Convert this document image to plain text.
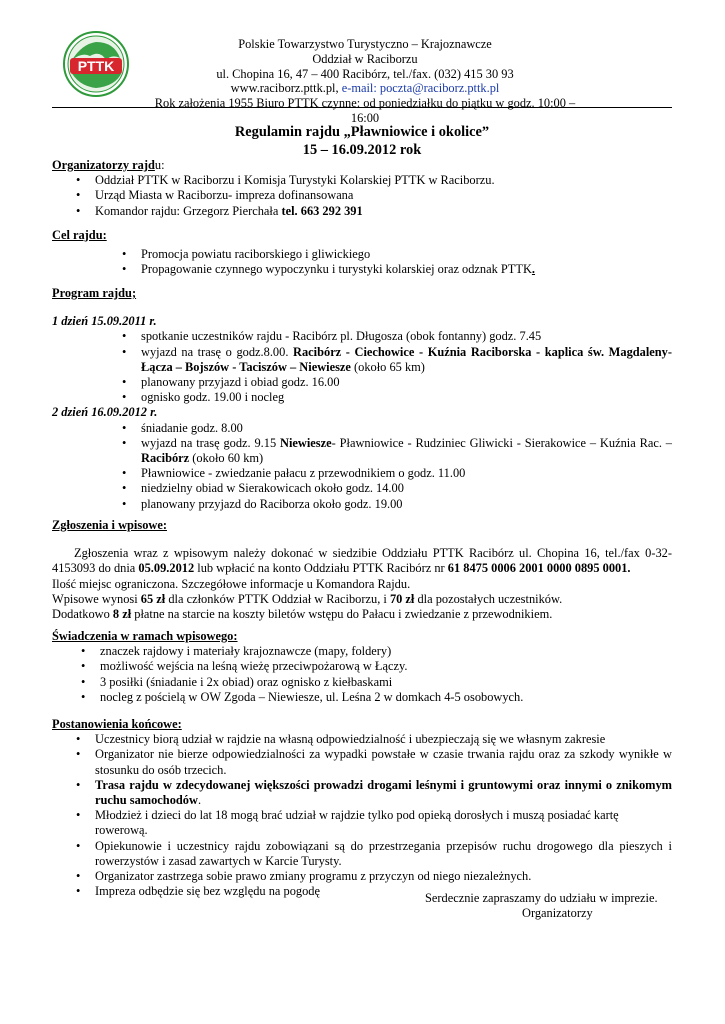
PTTK
Polskie Towarzystwo Turystyczno – Krajoznawcze
Oddział w Raciborzu
ul. Chopina 16, 47 – 400 Racibórz, tel./fax. (032) 415 30 93
www.raciborz.pttk.pl, e-mail: poczta@raciborz.pttk.pl
Rok założenia 1955 Biuro PTTK czynne: od poniedziałku do piątku w godz. 10:00 – 16:00
Regulamin rajdu „Pławniowice i okolice”
15 – 16.09.2012 rok
Organizatorzy rajdu:
• Oddział PTTK w Raciborzu i Komisja Turystyki Kolarskiej PTTK w Raciborzu.
• Urząd Miasta w Raciborzu- impreza dofinansowana
• Komandor rajdu: Grzegorz Pierchała tel. 663 292 391
Cel rajdu:
• Promocja powiatu raciborskiego i gliwickiego
• Propagowanie czynnego wypoczynku i turystyki kolarskiej oraz odznak PTTK.
Program rajdu;
1 dzień 15.09.2011 r.
• spotkanie uczestników rajdu - Racibórz pl. Długosza (obok fontanny) godz. 7.45
• wyjazd na trasę o godz.8.00. Racibórz - Ciechowice - Kuźnia Raciborska - kaplica św. Magdaleny-Łącza – Bojszów - Taciszów – Niewiesze (około 65 km)
• planowany przyjazd i obiad godz. 16.00
• ognisko godz. 19.00 i nocleg
2 dzień 16.09.2012 r.
• śniadanie godz. 8.00
• wyjazd na trasę godz. 9.15 Niewiesze- Pławniowice - Rudziniec Gliwicki - Sierakowice – Kuźnia Rac. – Racibórz (około 60 km)
• Pławniowice - zwiedzanie pałacu z przewodnikiem o godz. 11.00
• niedzielny obiad w Sierakowicach około godz. 14.00
• planowany przyjazd do Raciborza około godz. 19.00
Zgłoszenia i wpisowe:

Zgłoszenia wraz z wpisowym należy dokonać w siedzibie Oddziału PTTK Racibórz ul. Chopina 16, tel./fax 0-32-4153093 do dnia 05.09.2012 lub wpłacić na konto Oddziału PTTK Racibórz nr 61 8475 0006 2001 0000 0895 0001.

Ilość miejsc ograniczona. Szczegółowe informacje u Komandora Rajdu.

Wpisowe wynosi 65 zł dla członków PTTK Oddział w Raciborzu, i 70 zł dla pozostałych uczestników.

Dodatkowo 8 zł płatne na starcie na koszty biletów wstępu do Pałacu i zwiedzanie z przewodnikiem.

Świadczenia w ramach wpisowego:
• znaczek rajdowy i materiały krajoznawcze (mapy, foldery)
• możliwość wejścia na leśną wieżę przeciwpożarową w Łączy.
• 3 posiłki (śniadanie i 2x obiad) oraz ognisko z kiełbaskami
• nocleg z pościelą w OW Zgoda – Niewiesze, ul. Leśna 2 w domkach 4-5 osobowych.
Postanowienia końcowe:
• Uczestnicy biorą udział w rajdzie na własną odpowiedzialność i ubezpieczają się we własnym zakresie
• Organizator nie bierze odpowiedzialności za wypadki powstałe w czasie trwania rajdu oraz za szkody wynikłe w stosunku do osób trzecich.
• Trasa rajdu w zdecydowanej większości prowadzi drogami leśnymi i gruntowymi oraz innymi o znikomym ruchu samochodów.
• Młodzież i dzieci do lat 18 mogą brać udział w rajdzie tylko pod opieką dorosłych i muszą posiadać kartę rowerową.
• Opiekunowie i uczestnicy rajdu zobowiązani są do przestrzegania przepisów ruchu drogowego dla pieszych i rowerzystów i zasad zawartych w Karcie Turysty.
• Organizator zastrzega sobie prawo zmiany programu z przyczyn od niego niezależnych.
• Impreza odbędzie się bez względu na pogodę	Serdecznie zapraszamy do udziału w imprezie.
Organizatorzy
